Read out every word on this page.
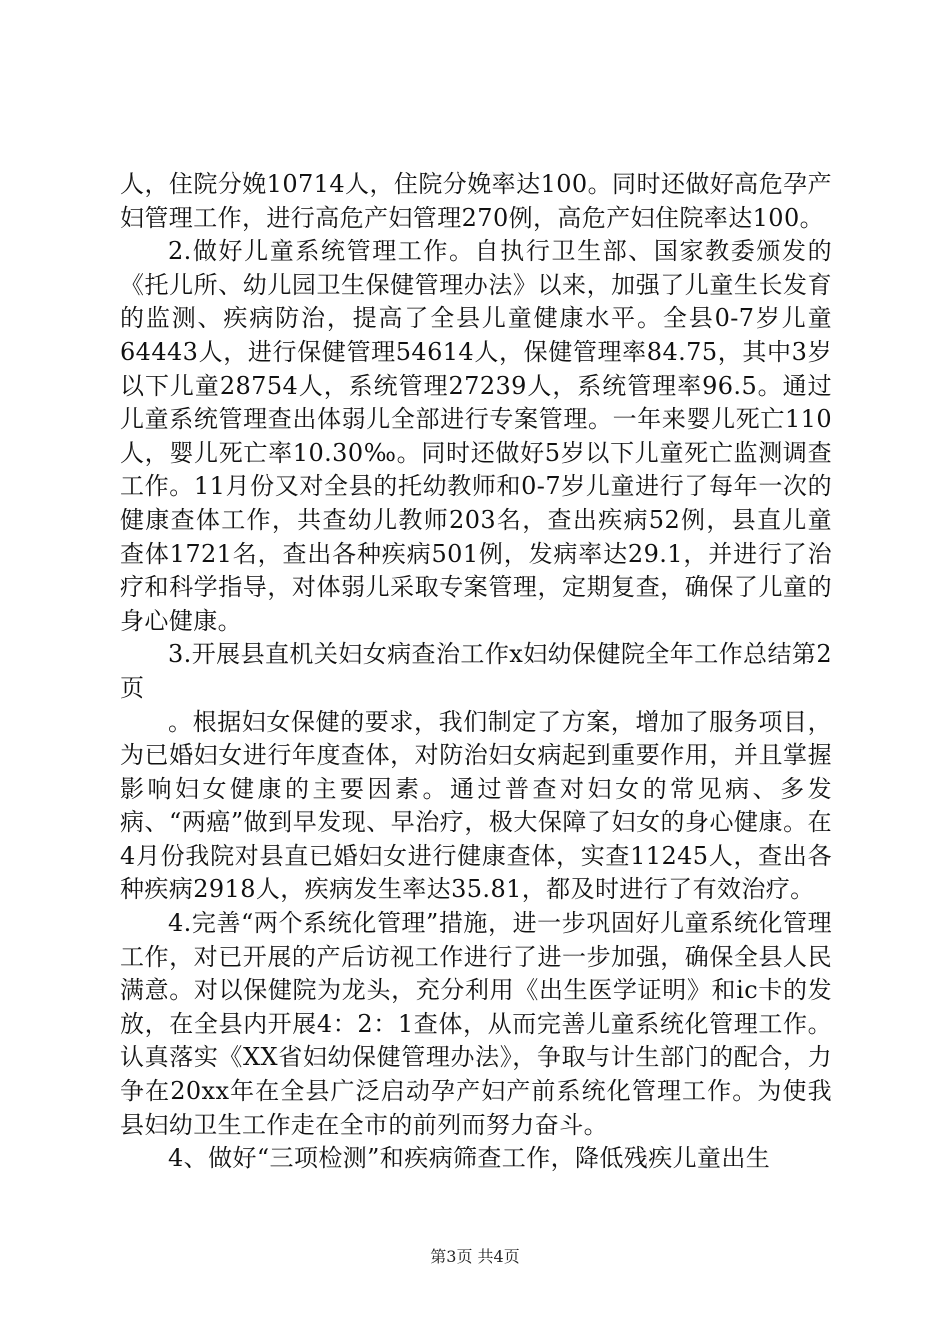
人，住院分娩10714人，住院分娩率达100。同时还做好高危孕产妇管理工作，进行高危产妇管理270例，高危产妇住院率达100。

2.做好儿童系统管理工作。自执行卫生部、国家教委颁发的《托儿所、幼儿园卫生保健管理办法》以来，加强了儿童生长发育的监测、疾病防治，提高了全县儿童健康水平。全县0-7岁儿童64443人，进行保健管理54614人，保健管理率84.75，其中3岁以下儿童28754人，系统管理27239人，系统管理率96.5。通过儿童系统管理查出体弱儿全部进行专案管理。一年来婴儿死亡110人，婴儿死亡率10.30‰。同时还做好5岁以下儿童死亡监测调查工作。11月份又对全县的托幼教师和0-7岁儿童进行了每年一次的健康查体工作，共查幼儿教师203名，查出疾病52例，县直儿童查体1721名，查出各种疾病501例，发病率达29.1，并进行了治疗和科学指导，对体弱儿采取专案管理，定期复查，确保了儿童的身心健康。

3.开展县直机关妇女病查治工作x妇幼保健院全年工作总结第2页

。根据妇女保健的要求，我们制定了方案，增加了服务项目，为已婚妇女进行年度查体，对防治妇女病起到重要作用，并且掌握影响妇女健康的主要因素。通过普查对妇女的常见病、多发病、“两癌”做到早发现、早治疗，极大保障了妇女的身心健康。在4月份我院对县直已婚妇女进行健康查体，实查11245人，查出各种疾病2918人，疾病发生率达35.81，都及时进行了有效治疗。

4.完善“两个系统化管理”措施，进一步巩固好儿童系统化管理工作，对已开展的产后访视工作进行了进一步加强，确保全县人民满意。对以保健院为龙头，充分利用《出生医学证明》和ic卡的发放，在全县内开展4：2：1查体，从而完善儿童系统化管理工作。认真落实《XX省妇幼保健管理办法》，争取与计生部门的配合，力争在20xx年在全县广泛启动孕产妇产前系统化管理工作。为使我县妇幼卫生工作走在全市的前列而努力奋斗。

4、做好“三项检测”和疾病筛查工作，降低残疾儿童出生

第3页 共4页
